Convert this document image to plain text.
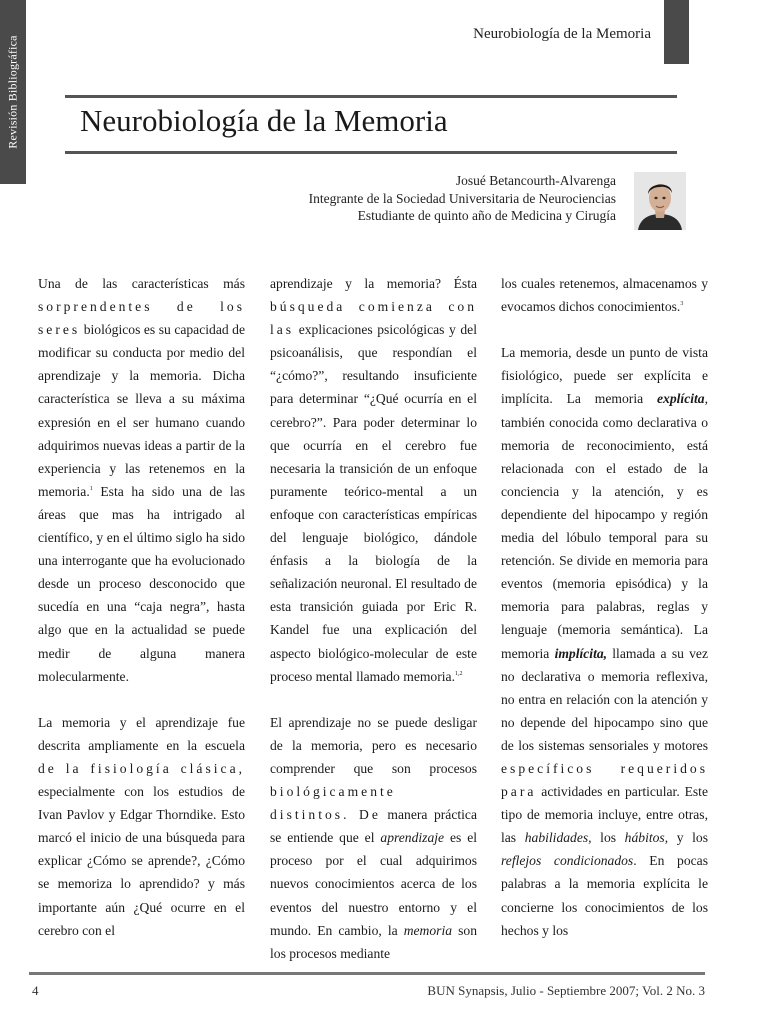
Revisión Bibliográfica
Neurobiología de la Memoria
Neurobiología de la Memoria
Josué Betancourth-Alvarenga
Integrante de la Sociedad Universitaria de Neurociencias
Estudiante de quinto año de Medicina y Cirugía

Una de las características más sorprendentes de los seres biológicos es su capacidad de modificar su conducta por medio del aprendizaje y la memoria. Dicha característica se lleva a su máxima expresión en el ser humano cuando adquirimos nuevas ideas a partir de la experiencia y las retenemos en la memoria.$^1$ Esta ha sido una de las áreas que mas ha intrigado al científico, y en el último siglo ha sido una interrogante que ha evolucionado desde un proceso desconocido que sucedía en una “caja negra”, hasta algo que en la actualidad se puede medir de alguna manera molecularmente.

La memoria y el aprendizaje fue descrita ampliamente en la escuela de la fisiología clásica, especialmente con los estudios de Ivan Pavlov y Edgar Thorndike. Esto marcó el inicio de una búsqueda para explicar ¿Cómo se aprende?, ¿Cómo se memoriza lo aprendido? y más importante aún ¿Qué ocurre en el cerebro con el

aprendizaje y la memoria? Ésta búsqueda comienza con las explicaciones psicológicas y del psicoanálisis, que respondían el “¿cómo?”, resultando insuficiente para determinar “¿Qué ocurría en el cerebro?”. Para poder determinar lo que ocurría en el cerebro fue necesaria la transición de un enfoque puramente teórico-mental a un enfoque con características empíricas del lenguaje biológico, dándole énfasis a la biología de la señalización neuronal. El resultado de esta transición guiada por Eric R. Kandel fue una explicación del aspecto biológico-molecular de este proceso mental llamado memoria.$^{1,2}$

El aprendizaje no se puede desligar de la memoria, pero es necesario comprender que son procesos biológicamente distintos. De manera práctica se entiende que el aprendizaje es el proceso por el cual adquirimos nuevos conocimientos acerca de los eventos del nuestro entorno y el mundo. En cambio, la memoria son los procesos mediante

los cuales retenemos, almacenamos y evocamos dichos conocimientos.$^3$

La memoria, desde un punto de vista fisiológico, puede ser explícita e implícita. La memoria explícita, también conocida como declarativa o memoria de reconocimiento, está relacionada con el estado de la conciencia y la atención, y es dependiente del hipocampo y región media del lóbulo temporal para su retención. Se divide en memoria para eventos (memoria episódica) y la memoria para palabras, reglas y lenguaje (memoria semántica). La memoria implícita, llamada a su vez no declarativa o memoria reflexiva, no entra en relación con la atención y no depende del hipocampo sino que de los sistemas sensoriales y motores específicos requeridos para actividades en particular. Este tipo de memoria incluye, entre otras, las habilidades, los hábitos, y los reflejos condicionados. En pocas palabras a la memoria explícita le concierne los conocimientos de los hechos y los

4	BUN Synapsis, Julio - Septiembre 2007; Vol. 2 No. 3
